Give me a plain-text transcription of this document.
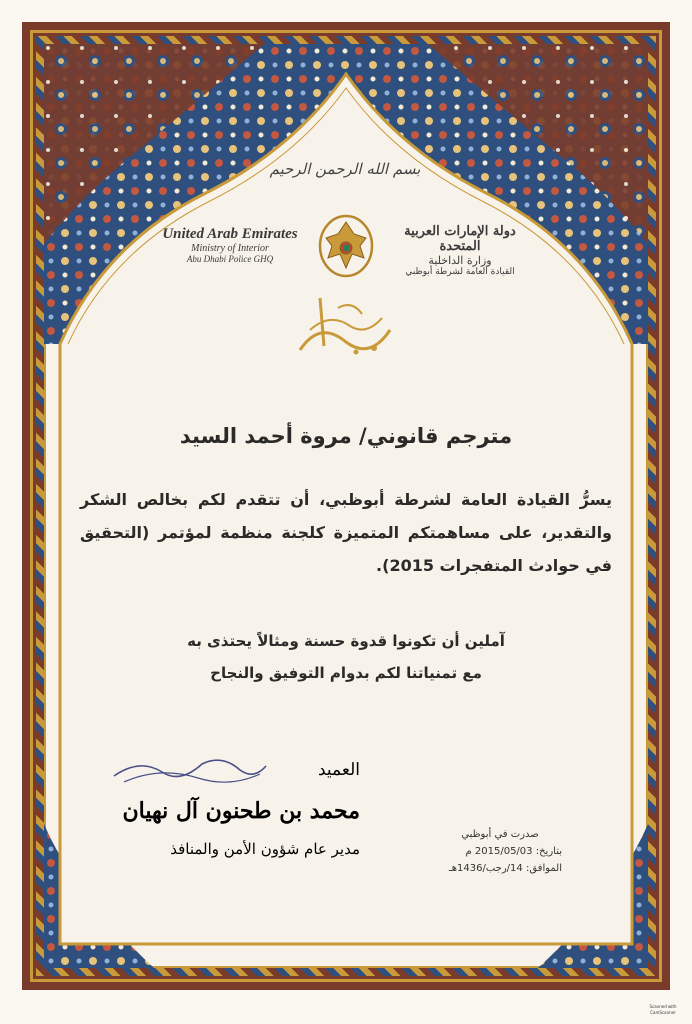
بسم الله الرحمن الرحيم
United Arab Emirates
Ministry of Interior
Abu Dhabi Police GHQ
دولة الإمارات العربية المتحدة
وزارة الداخلية
القيادة العامة لشرطة أبوظبي
مترجم قانوني/ مروة أحمد السيد
يسرُّ القيادة العامة لشرطة أبوظبي، أن تتقدم لكم بخالص الشكر والتقدير، على مساهمتكم المتميزة كلجنة منظمة لمؤتمر (التحقيق في حوادث المتفجرات 2015).
آملين أن تكونوا قدوة حسنة ومثالاً يحتذى به
مع تمنياتنا لكم بدوام التوفيق والنجاح
العميد
محمد بن طحنون آل نهيان
مدير عام شؤون الأمن والمنافذ
صدرت في أبوظبي
بتاريخ: 2015/05/03 م
الموافق: 14/رجب/1436هـ
Scanned with
CamScanner
